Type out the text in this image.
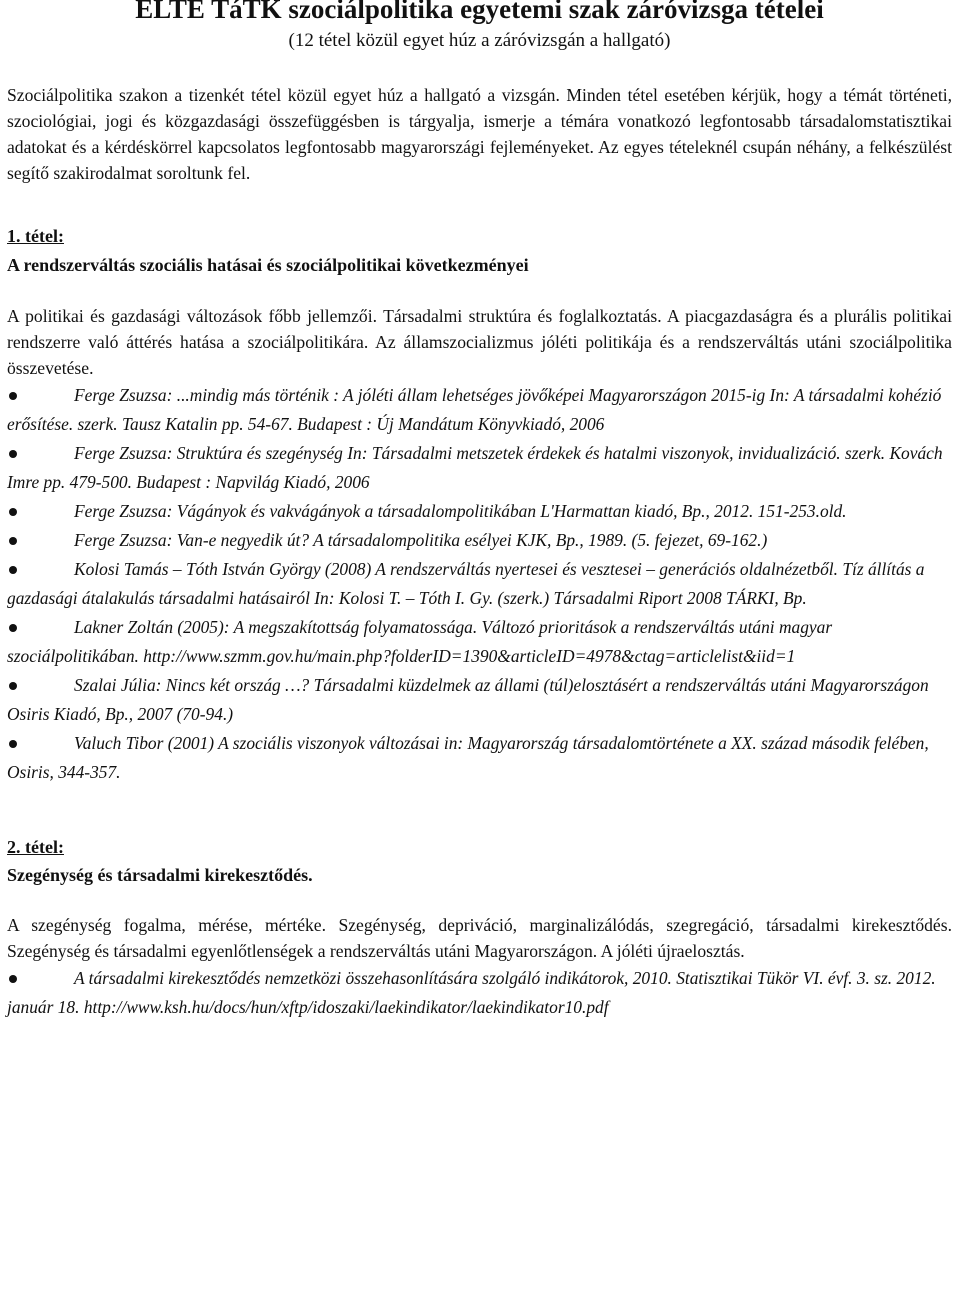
ELTE TáTK szociálpolitika egyetemi szak záróvizsga tételei
(12 tétel közül egyet húz a záróvizsgán a hallgató)

Szociálpolitika szakon a tizenkét tétel közül egyet húz a hallgató a vizsgán. Minden tétel esetében kérjük, hogy a témát történeti, szociológiai, jogi és közgazdasági összefüggésben is tárgyalja, ismerje a témára vonatkozó legfontosabb társadalomstatisztikai adatokat és a kérdéskörrel kapcsolatos legfontosabb magyarországi fejleményeket. Az egyes tételeknél csupán néhány, a felkészülést segítő szakirodalmat soroltunk fel.

1. tétel:
A rendszerváltás szociális hatásai és szociálpolitikai következményei

A politikai és gazdasági változások főbb jellemzői. Társadalmi struktúra és foglalkoztatás. A piacgazdaságra és a plurális politikai rendszerre való áttérés hatása a szociálpolitikára. Az államszocializmus jóléti politikája és a rendszerváltás utáni szociálpolitika összevetése.

Ferge Zsuzsa: ...mindig más történik : A jóléti állam lehetséges jövőképei Magyarországon 2015-ig In: A társadalmi kohézió erősítése. szerk. Tausz Katalin pp. 54-67. Budapest : Új Mandátum Könyvkiadó, 2006
Ferge Zsuzsa: Struktúra és szegénység In: Társadalmi metszetek érdekek és hatalmi viszonyok, invidualizáció. szerk. Kovách Imre pp. 479-500. Budapest : Napvilág Kiadó, 2006
Ferge Zsuzsa: Vágányok és vakvágányok a társadalompolitikában L'Harmattan kiadó, Bp., 2012. 151-253.old.
Ferge Zsuzsa: Van-e negyedik út? A társadalompolitika esélyei KJK, Bp., 1989. (5. fejezet, 69-162.)
Kolosi Tamás – Tóth István György (2008) A rendszerváltás nyertesei és vesztesei – generációs oldalnézetből. Tíz állítás a gazdasági átalakulás társadalmi hatásairól In: Kolosi T. – Tóth I. Gy. (szerk.) Társadalmi Riport 2008 TÁRKI, Bp.
Lakner Zoltán (2005): A megszakítottság folyamatossága. Változó prioritások a rendszerváltás utáni magyar szociálpolitikában. http://www.szmm.gov.hu/main.php?folderID=1390&articleID=4978&ctag=articlelist&iid=1
Szalai Júlia: Nincs két ország …? Társadalmi küzdelmek az állami (túl)elosztásért a rendszerváltás utáni Magyarországon Osiris Kiadó, Bp., 2007 (70-94.)
Valuch Tibor (2001) A szociális viszonyok változásai in: Magyarország társadalomtörténete a XX. század második felében, Osiris, 344-357.
2. tétel:
Szegénység és társadalmi kirekesztődés.

A szegénység fogalma, mérése, mértéke. Szegénység, depriváció, marginalizálódás, szegregáció, társadalmi kirekesztődés. Szegénység és társadalmi egyenlőtlenségek a rendszerváltás utáni Magyarországon. A jóléti újraelosztás.

A társadalmi kirekesztődés nemzetközi összehasonlítására szolgáló indikátorok, 2010. Statisztikai Tükör VI. évf. 3. sz. 2012. január 18. http://www.ksh.hu/docs/hun/xftp/idoszaki/laekindikator/laekindikator10.pdf
